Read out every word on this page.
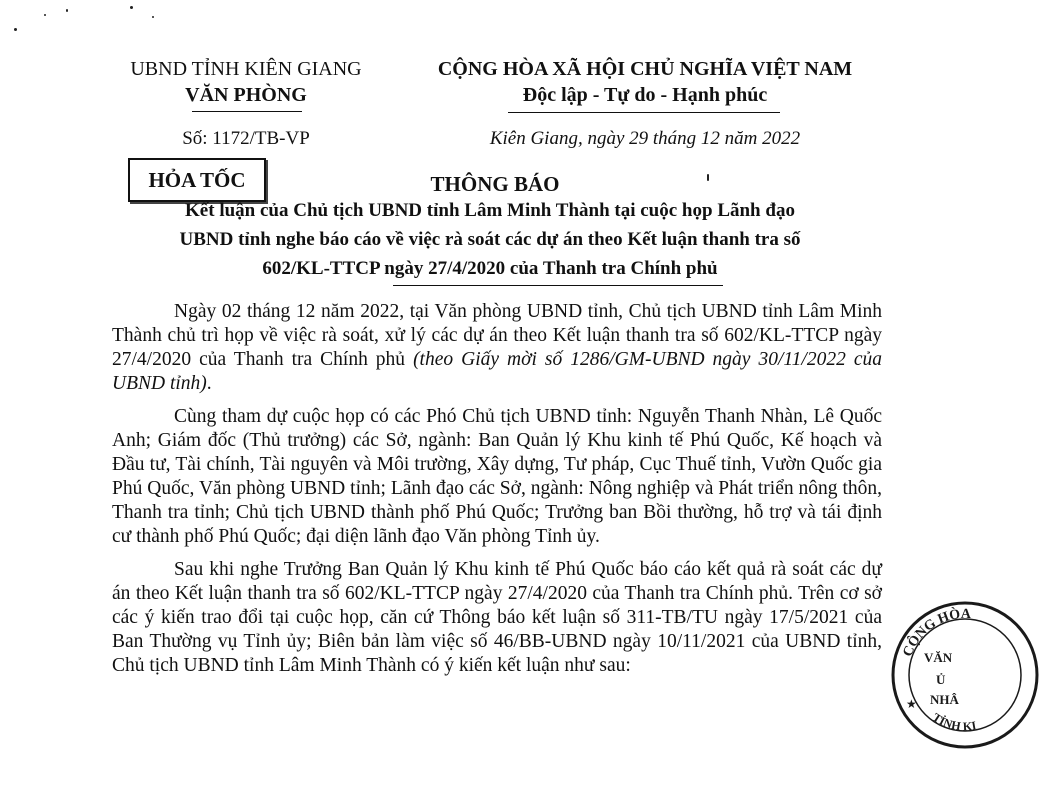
UBND TỈNH KIÊN GIANG
VĂN PHÒNG
Số: 1172/TB-VP
CỘNG HÒA XÃ HỘI CHỦ NGHĨA VIỆT NAM
Độc lập - Tự do - Hạnh phúc
Kiên Giang, ngày 29 tháng 12 năm 2022
HỎA TỐC	THÔNG BÁO
Kết luận của Chủ tịch UBND tỉnh Lâm Minh Thành tại cuộc họp Lãnh đạo
UBND tỉnh nghe báo cáo về việc rà soát các dự án theo Kết luận thanh tra số
602/KL-TTCP ngày 27/4/2020 của Thanh tra Chính phủ

Ngày 02 tháng 12 năm 2022, tại Văn phòng UBND tỉnh, Chủ tịch UBND tỉnh Lâm Minh Thành chủ trì họp về việc rà soát, xử lý các dự án theo Kết luận thanh tra số 602/KL-TTCP ngày 27/4/2020 của Thanh tra Chính phủ (theo Giấy mời số 1286/GM-UBND ngày 30/11/2022 của UBND tỉnh).

Cùng tham dự cuộc họp có các Phó Chủ tịch UBND tỉnh: Nguyễn Thanh Nhàn, Lê Quốc Anh; Giám đốc (Thủ trưởng) các Sở, ngành: Ban Quản lý Khu kinh tế Phú Quốc, Kế hoạch và Đầu tư, Tài chính, Tài nguyên và Môi trường, Xây dựng, Tư pháp, Cục Thuế tỉnh, Vườn Quốc gia Phú Quốc, Văn phòng UBND tỉnh; Lãnh đạo các Sở, ngành: Nông nghiệp và Phát triển nông thôn, Thanh tra tỉnh; Chủ tịch UBND thành phố Phú Quốc; Trưởng ban Bồi thường, hỗ trợ và tái định cư thành phố Phú Quốc; đại diện lãnh đạo Văn phòng Tỉnh ủy.

Sau khi nghe Trưởng Ban Quản lý Khu kinh tế Phú Quốc báo cáo kết quả rà soát các dự án theo Kết luận thanh tra số 602/KL-TTCP ngày 27/4/2020 của Thanh tra Chính phủ. Trên cơ sở các ý kiến trao đổi tại cuộc họp, căn cứ Thông báo kết luận số 311-TB/TU ngày 17/5/2021 của Ban Thường vụ Tỉnh ủy; Biên bản làm việc số 46/BB-UBND ngày 10/11/2021 của UBND tỉnh, Chủ tịch UBND tỉnh Lâm Minh Thành có ý kiến kết luận như sau:

CỘNG HÒA
TỈNH KI
VĂN
Ủ
NHÂ
★
